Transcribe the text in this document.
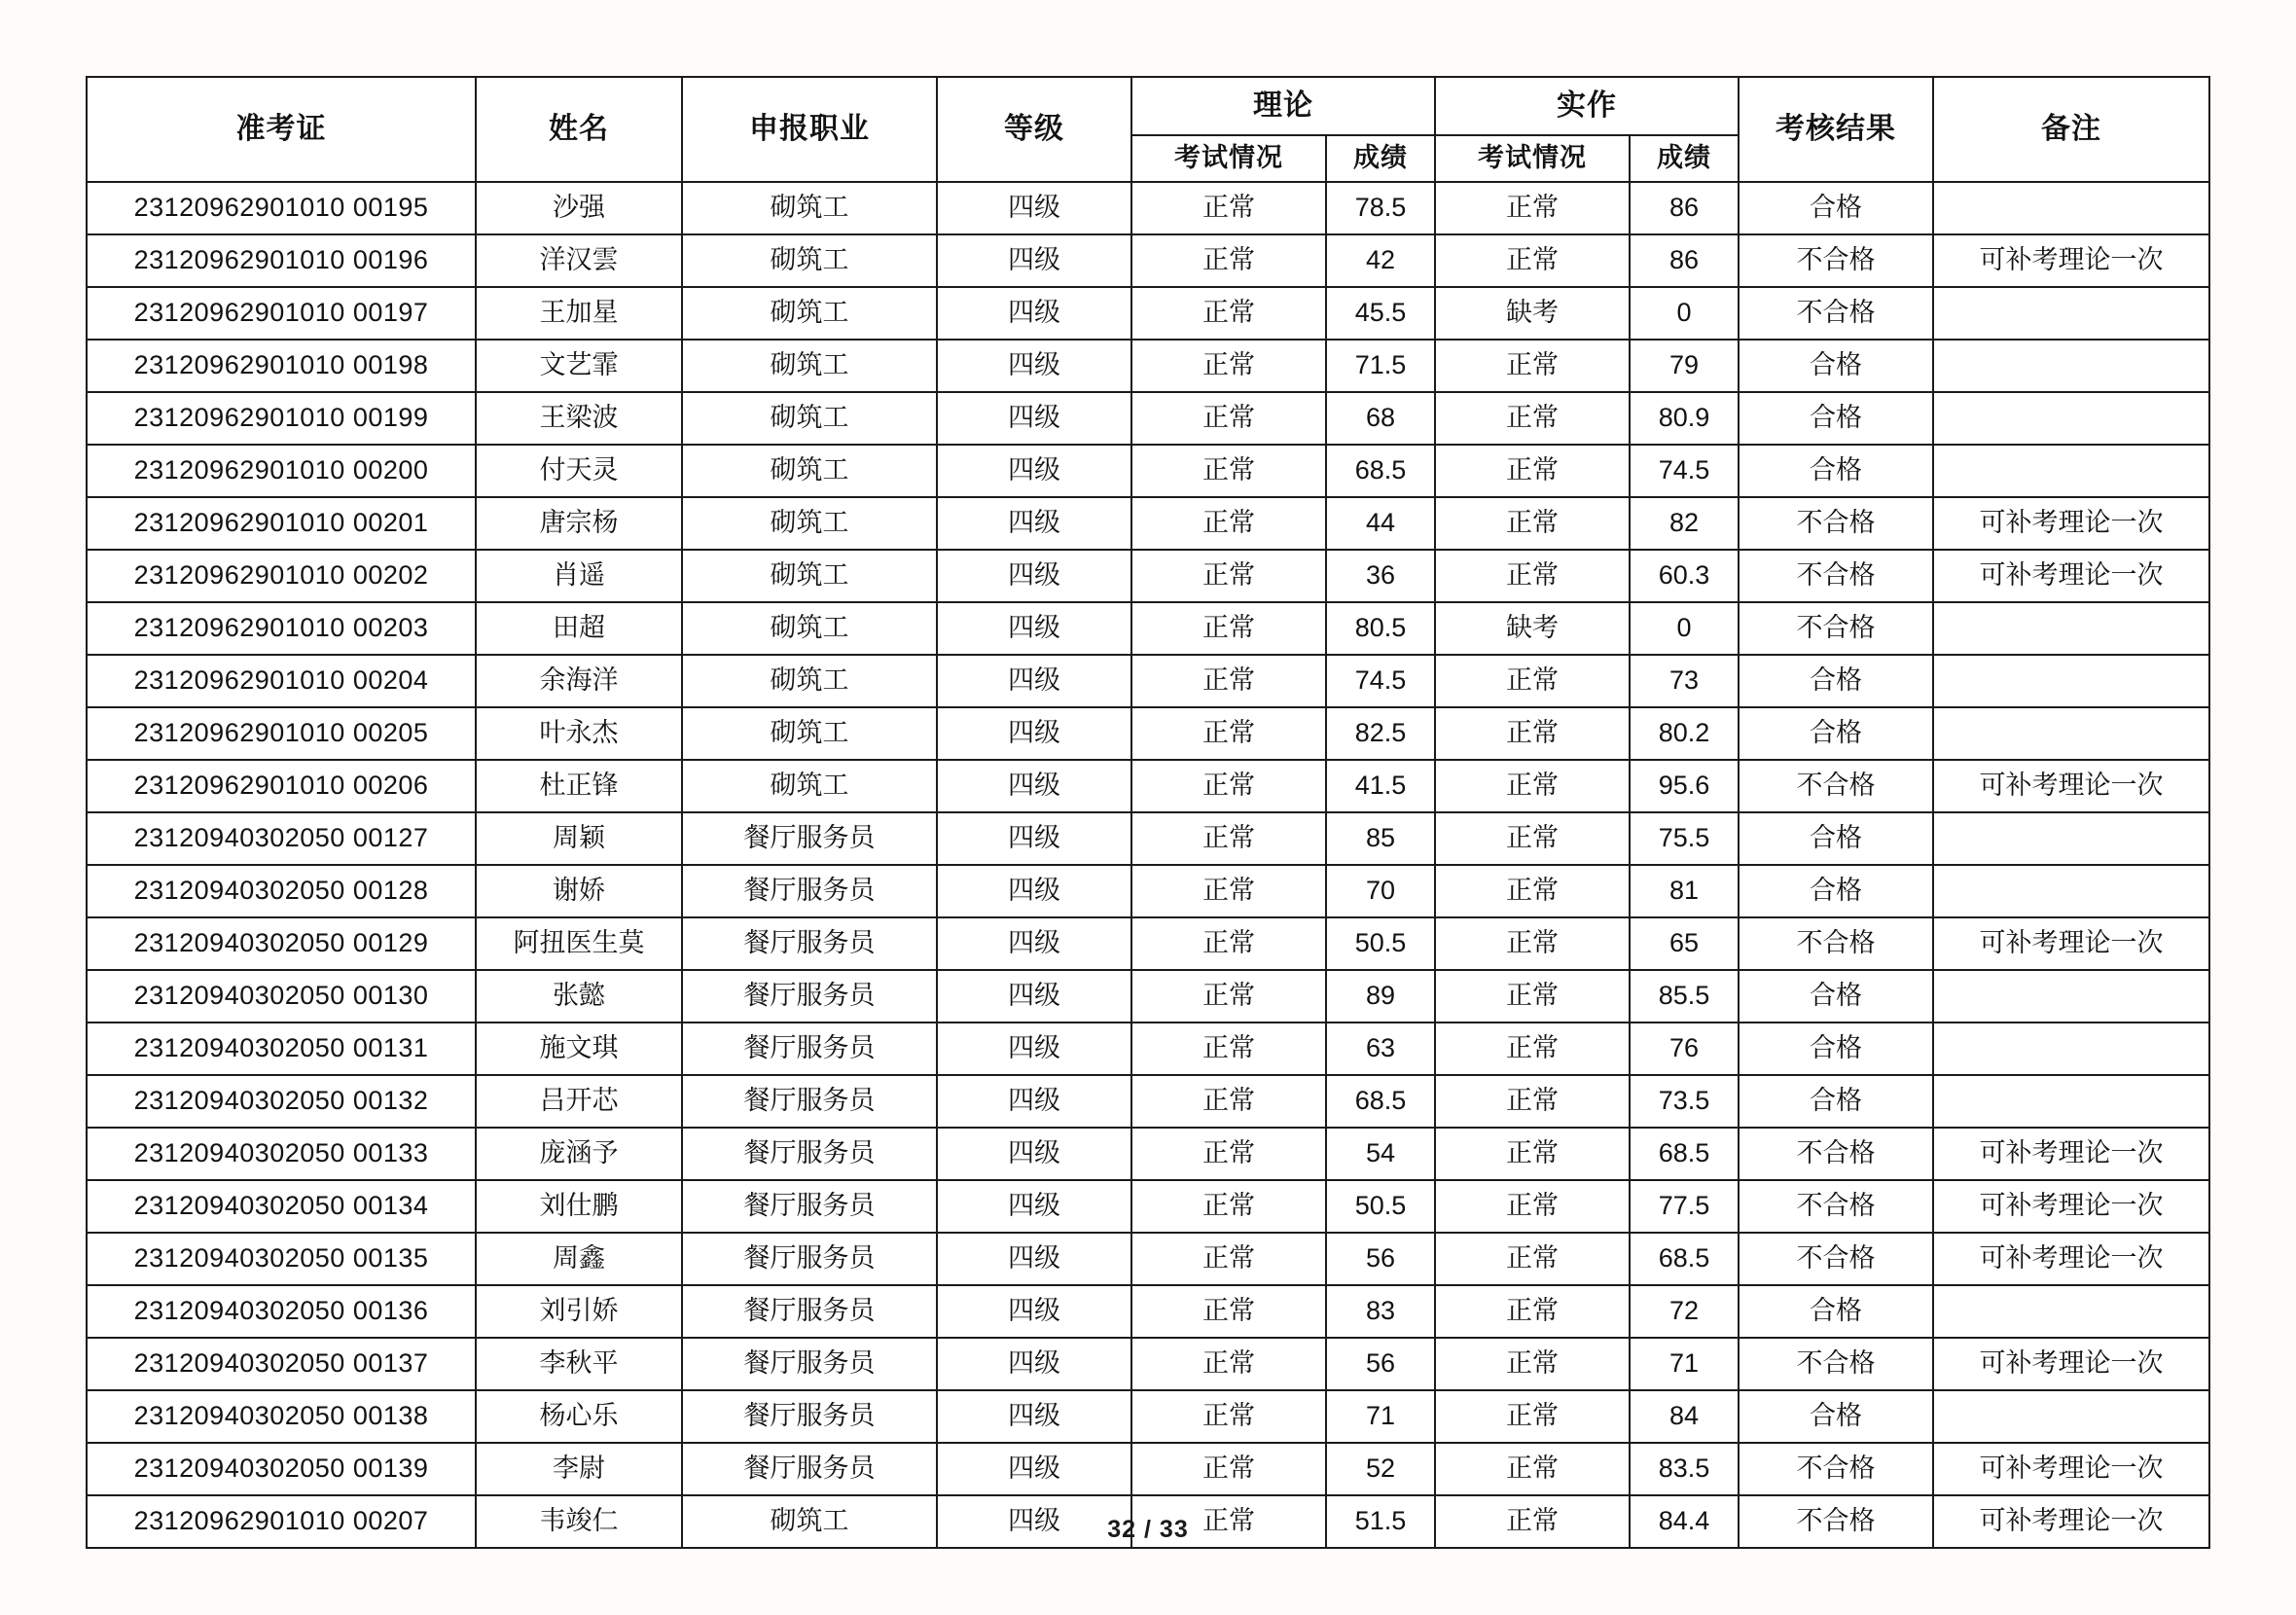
准考证	姓名	申报职业	等级	理论		实作		考核结果	备注
				考试情况	成绩	考试情况	成绩		
23120962901010 00195	沙强	砌筑工	四级	正常	78.5	正常	86	合格	
23120962901010 00196	洋汉雲	砌筑工	四级	正常	42	正常	86	不合格	可补考理论一次
23120962901010 00197	王加星	砌筑工	四级	正常	45.5	缺考	0	不合格	
23120962901010 00198	文艺霏	砌筑工	四级	正常	71.5	正常	79	合格	
23120962901010 00199	王梁波	砌筑工	四级	正常	68	正常	80.9	合格	
23120962901010 00200	付天灵	砌筑工	四级	正常	68.5	正常	74.5	合格	
23120962901010 00201	唐宗杨	砌筑工	四级	正常	44	正常	82	不合格	可补考理论一次
23120962901010 00202	肖遥	砌筑工	四级	正常	36	正常	60.3	不合格	可补考理论一次
23120962901010 00203	田超	砌筑工	四级	正常	80.5	缺考	0	不合格	
23120962901010 00204	余海洋	砌筑工	四级	正常	74.5	正常	73	合格	
23120962901010 00205	叶永杰	砌筑工	四级	正常	82.5	正常	80.2	合格	
23120962901010 00206	杜正锋	砌筑工	四级	正常	41.5	正常	95.6	不合格	可补考理论一次
23120940302050 00127	周颖	餐厅服务员	四级	正常	85	正常	75.5	合格	
23120940302050 00128	谢娇	餐厅服务员	四级	正常	70	正常	81	合格	
23120940302050 00129	阿扭医生莫	餐厅服务员	四级	正常	50.5	正常	65	不合格	可补考理论一次
23120940302050 00130	张懿	餐厅服务员	四级	正常	89	正常	85.5	合格	
23120940302050 00131	施文琪	餐厅服务员	四级	正常	63	正常	76	合格	
23120940302050 00132	吕开芯	餐厅服务员	四级	正常	68.5	正常	73.5	合格	
23120940302050 00133	庞涵予	餐厅服务员	四级	正常	54	正常	68.5	不合格	可补考理论一次
23120940302050 00134	刘仕鹏	餐厅服务员	四级	正常	50.5	正常	77.5	不合格	可补考理论一次
23120940302050 00135	周鑫	餐厅服务员	四级	正常	56	正常	68.5	不合格	可补考理论一次
23120940302050 00136	刘引娇	餐厅服务员	四级	正常	83	正常	72	合格	
23120940302050 00137	李秋平	餐厅服务员	四级	正常	56	正常	71	不合格	可补考理论一次
23120940302050 00138	杨心乐	餐厅服务员	四级	正常	71	正常	84	合格	
23120940302050 00139	李尉	餐厅服务员	四级	正常	52	正常	83.5	不合格	可补考理论一次
23120962901010 00207	韦竣仁	砌筑工	四级	正常	51.5	正常	84.4	不合格	可补考理论一次
32 / 33
